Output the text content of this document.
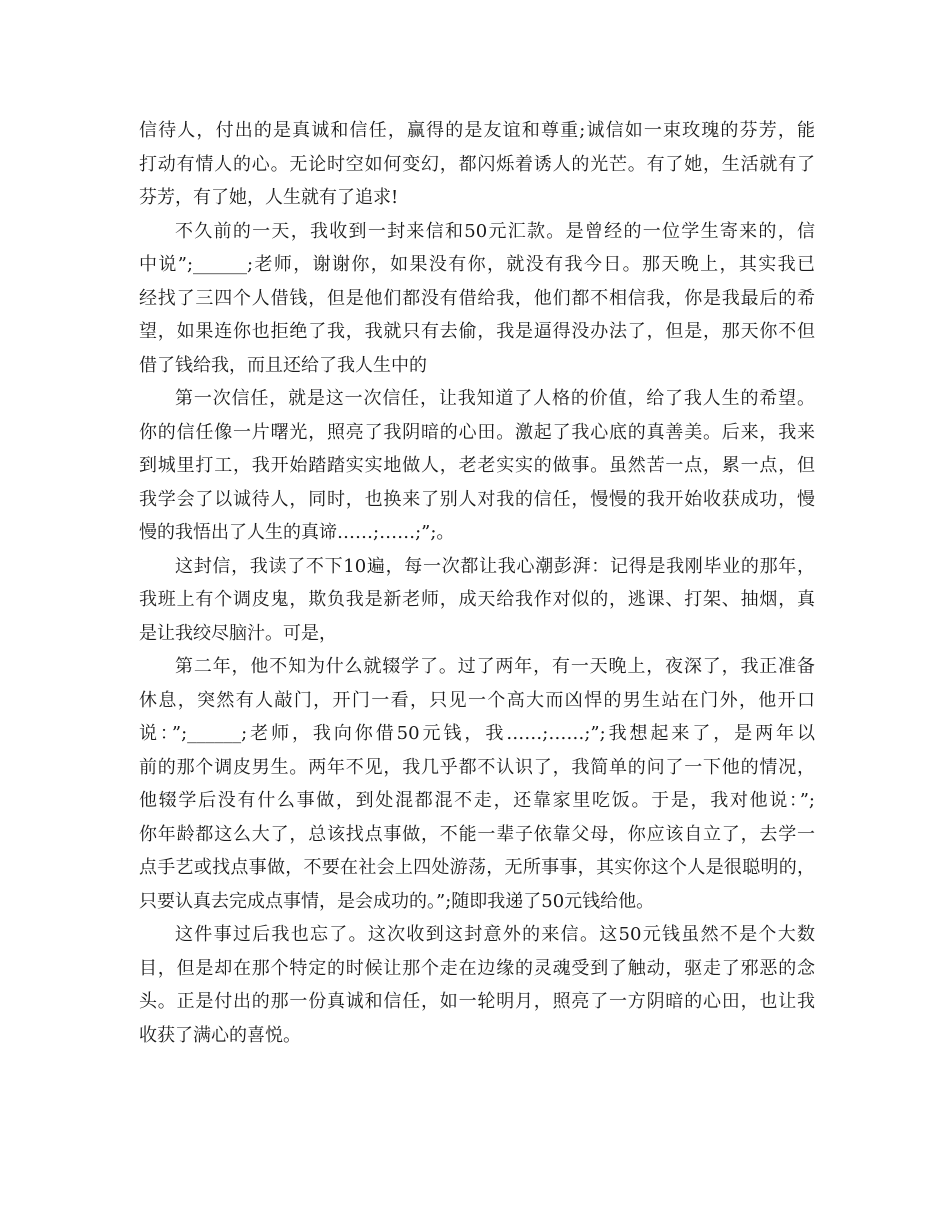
信待人，付出的是真诚和信任，赢得的是友谊和尊重;诚信如一束玫瑰的芬芳，能
打动有情人的心。无论时空如何变幻，都闪烁着诱人的光芒。有了她，生活就有了
芬芳，有了她，人生就有了追求!
不久前的一天，我收到一封来信和50元汇款。是曾经的一位学生寄来的，信
中说”;______;老师，谢谢你，如果没有你，就没有我今日。那天晚上，其实我已
经找了三四个人借钱，但是他们都没有借给我，他们都不相信我，你是我最后的希
望，如果连你也拒绝了我，我就只有去偷，我是逼得没办法了，但是，那天你不但
借了钱给我，而且还给了我人生中的
第一次信任，就是这一次信任，让我知道了人格的价值，给了我人生的希望。
你的信任像一片曙光，照亮了我阴暗的心田。激起了我心底的真善美。后来，我来
到城里打工，我开始踏踏实实地做人，老老实实的做事。虽然苦一点，累一点，但
我学会了以诚待人，同时，也换来了别人对我的信任，慢慢的我开始收获成功，慢
慢的我悟出了人生的真谛……;……;”;。
这封信，我读了不下10遍，每一次都让我心潮彭湃：记得是我刚毕业的那年，
我班上有个调皮鬼，欺负我是新老师，成天给我作对似的，逃课、打架、抽烟，真
是让我绞尽脑汁。可是，
第二年，他不知为什么就辍学了。过了两年，有一天晚上，夜深了，我正准备
休息，突然有人敲门，开门一看，只见一个高大而凶悍的男生站在门外，他开口
说：”;______;老师，我向你借50元钱，我……;……;”;我想起来了，是两年以
前的那个调皮男生。两年不见，我几乎都不认识了，我简单的问了一下他的情况，
他辍学后没有什么事做，到处混都混不走，还靠家里吃饭。于是，我对他说：”;
你年龄都这么大了，总该找点事做，不能一辈子依靠父母，你应该自立了，去学一
点手艺或找点事做，不要在社会上四处游荡，无所事事，其实你这个人是很聪明的，
只要认真去完成点事情，是会成功的。”;随即我递了50元钱给他。
这件事过后我也忘了。这次收到这封意外的来信。这50元钱虽然不是个大数
目，但是却在那个特定的时候让那个走在边缘的灵魂受到了触动，驱走了邪恶的念
头。正是付出的那一份真诚和信任，如一轮明月，照亮了一方阴暗的心田，也让我
收获了满心的喜悦。
